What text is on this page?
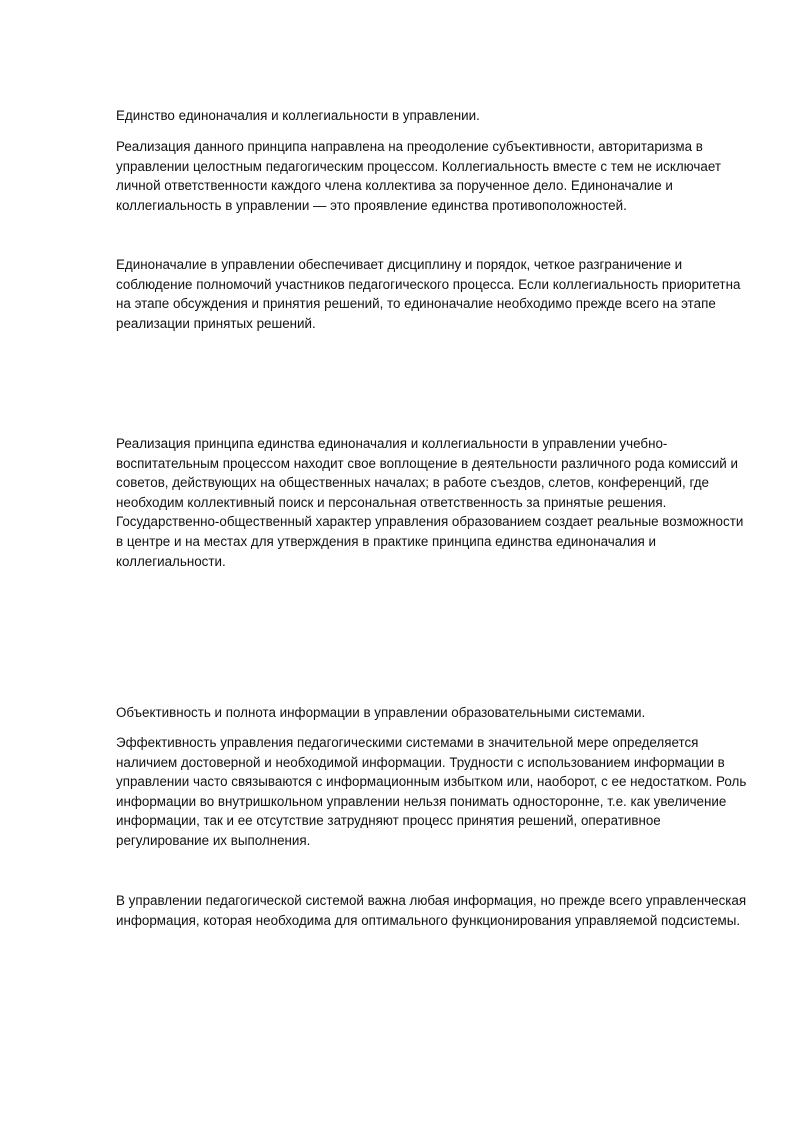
Единство единоначалия и коллегиальности в управлении.

Реализация данного принципа направлена на преодоление субъективности, авторитаризма в управлении целостным педагогическим процессом. Коллегиальность вместе с тем не исключает личной ответственности каждого члена коллектива за порученное дело. Единоначалие и коллегиальность в управлении — это проявление единства противоположностей.

Единоначалие в управлении обеспечивает дисциплину и порядок, четкое разграничение и соблюдение полномочий участников педагогического процесса. Если коллегиальность приоритетна на этапе обсуждения и принятия решений, то единоначалие необходимо прежде всего на этапе реализации принятых решений.

Реализация принципа единства единоначалия и коллегиальности в управлении учебно-воспитательным процессом находит свое воплощение в деятельности различного рода комиссий и советов, действующих на общественных началах; в работе съездов, слетов, конференций, где необходим коллективный поиск и персональная ответственность за принятые решения. Государственно-общественный характер управления образованием создает реальные возможности в центре и на местах для утверждения в практике принципа единства единоначалия и коллегиальности.

Объективность и полнота информации в управлении образовательными системами.

Эффективность управления педагогическими системами в значительной мере определяется наличием достоверной и необходимой информации. Трудности с использованием информации в управлении часто связываются с информационным избытком или, наоборот, с ее недостатком. Роль информации во внутришкольном управлении нельзя понимать односторонне, т.е. как увеличение информации, так и ее отсутствие затрудняют процесс принятия решений, оперативное регулирование их выполнения.

В управлении педагогической системой важна любая информация, но прежде всего управленческая информация, которая необходима для оптимального функционирования управляемой подсистемы.
